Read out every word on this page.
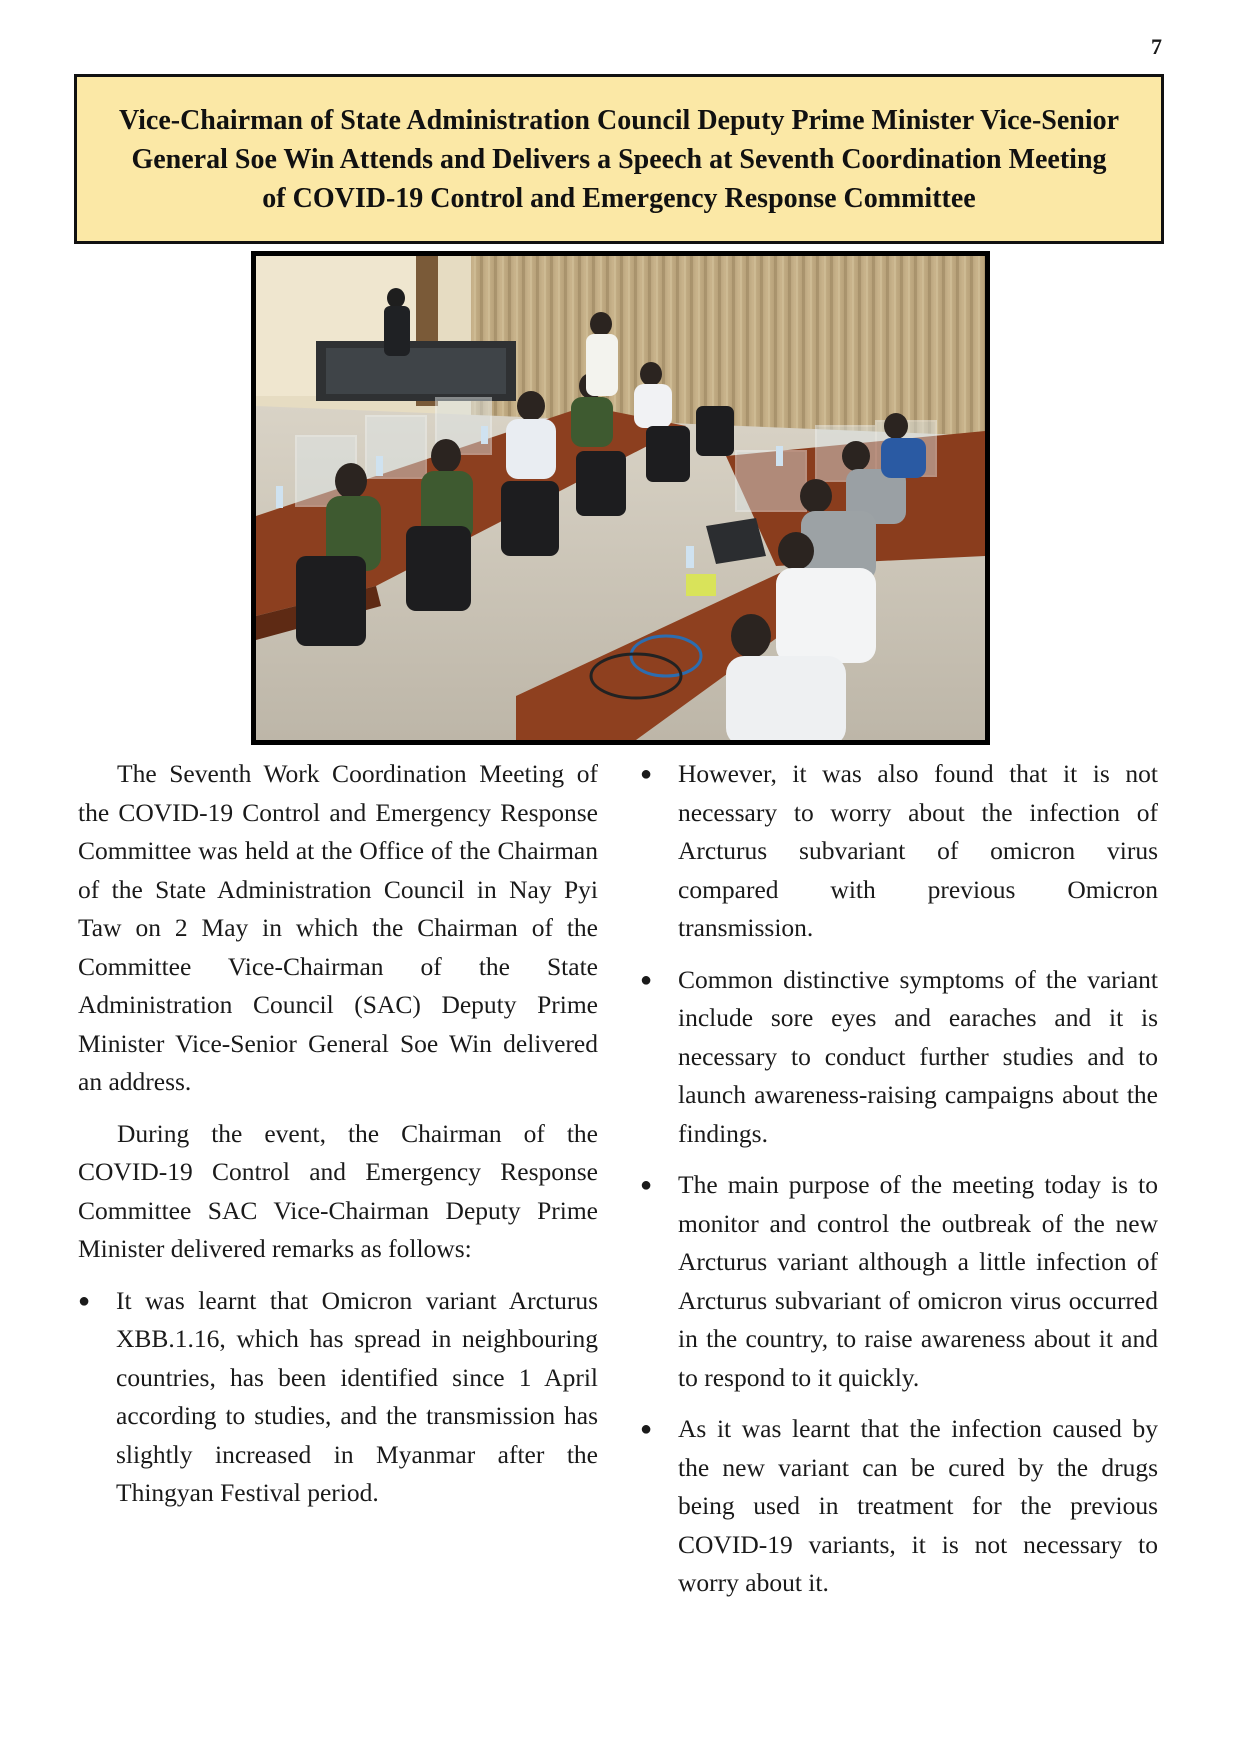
7
Vice-Chairman of State Administration Council Deputy Prime Minister Vice-Senior General Soe Win Attends and Delivers a Speech at Seventh Coordination Meeting of COVID-19 Control and Emergency Response Committee

The Seventh Work Coordination Meeting of the COVID-19 Control and Emergency Response Committee was held at the Office of the Chairman of the State Administration Council in Nay Pyi Taw on 2 May in which the Chairman of the Committee Vice-Chairman of the State Administration Council (SAC) Deputy Prime Minister Vice-Senior General Soe Win delivered an address.

During the event, the Chairman of the COVID-19 Control and Emergency Response Committee SAC Vice-Chairman Deputy Prime Minister delivered remarks as follows:

● It was learnt that Omicron variant Arcturus XBB.1.16, which has spread in neighbouring countries, has been identified since 1 April according to studies, and the transmission has slightly increased in Myanmar after the Thingyan Festival period.
● However, it was also found that it is not necessary to worry about the infection of Arcturus subvariant of omicron virus compared with previous Omicron transmission.
● Common distinctive symptoms of the variant include sore eyes and earaches and it is necessary to conduct further studies and to launch awareness-raising campaigns about the findings.
● The main purpose of the meeting today is to monitor and control the outbreak of the new Arcturus variant although a little infection of Arcturus subvariant of omicron virus occurred in the country, to raise awareness about it and to respond to it quickly.
● As it was learnt that the infection caused by the new variant can be cured by the drugs being used in treatment for the previous COVID-19 variants, it is not necessary to worry about it.
